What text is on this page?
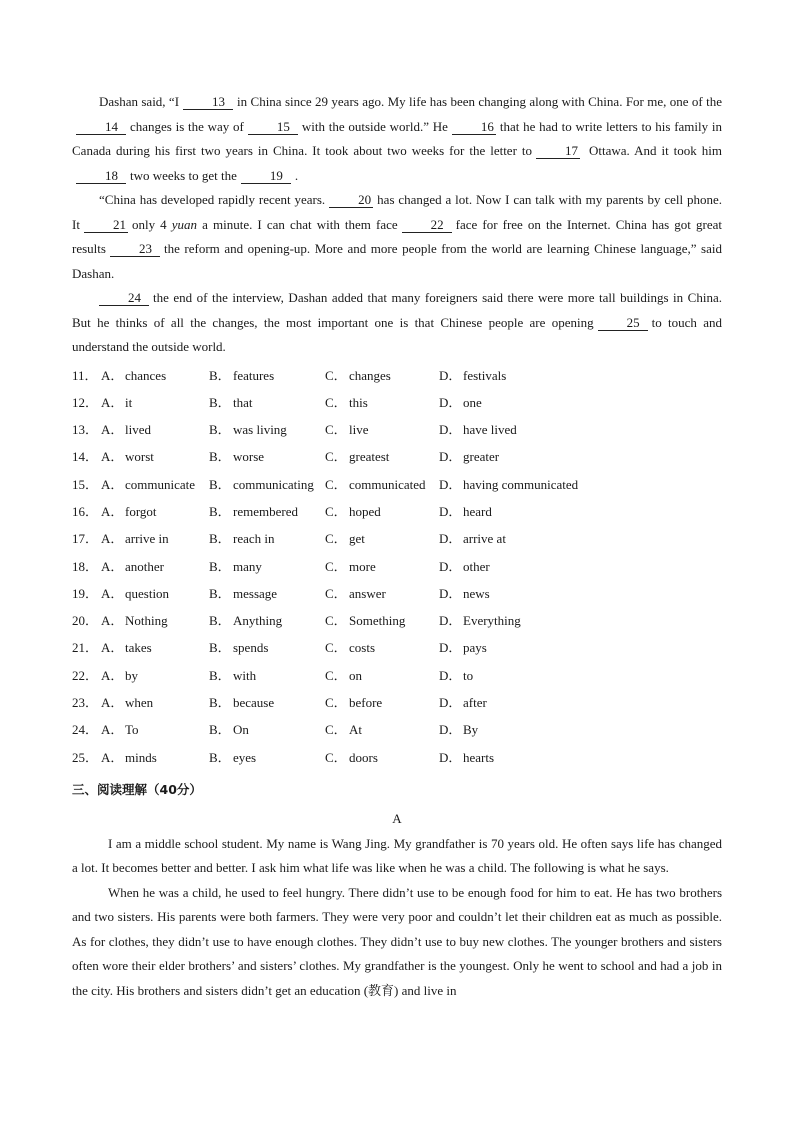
Dashan said, “I	13 in China since 29 years ago. My life has been changing along with China. For me, one of the14 changes is the way of	15 with the outside world.” He	16 that he had to write letters to his family in Canada during his first two years in China. It took about two weeks for the letter to	17 Ottawa. And it took him18 two weeks to get the	19 .

“China has developed rapidly recent years.	20 has changed a lot. Now I can talk with my parents by cell phone. It	21 only 4 yuan a minute. I can chat with them face	22 face for free on the Internet. China has got great results	23 the reform and opening-up. More and more people from the world are learning Chinese language,” said Dashan.

24 the end of the interview, Dashan added that many foreigners said there were more tall buildings in China. But he thinks of all the changes, the most important one is that Chinese people are opening	25 to touch and understand the outside world.

11． A． chances	B． features	C． changes	D． festivals
12． A． it	B． that	C． this	D． one
13． A． lived	B． was living	C． live	D． have lived
14． A． worst	B． worse	C． greatest	D． greater
15． A． communicate B． communicating C． communicated D． having communicated
16． A． forgot	B． remembered C． hoped	D． heard
17． A． arrive in	B． reach in	C． get	D． arrive at
18． A． another	B． many	C． more	D． other
19． A． question	B． message	C． answer	D． news
20． A． Nothing	B． Anything	C． Something	D． Everything
21． A． takes	B． spends	C． costs	D． pays
22． A． by	B． with	C． on	D． to
23． A． when	B． because	C． before	D． after
24． A． To	B． On	C． At	D． By
25． A． minds	B． eyes	C． doors	D． hearts
三、阅读理解（40分）
A

I am a middle school student. My name is Wang Jing. My grandfather is 70 years old. He often says life has changed a lot. It becomes better and better. I ask him what life was like when he was a child. The following is what he says.

When he was a child, he used to feel hungry. There didn’t use to be enough food for him to eat. He has two brothers and two sisters. His parents were both farmers. They were very poor and couldn’t let their children eat as much as possible. As for clothes, they didn’t use to have enough clothes. They didn’t use to buy new clothes. The younger brothers and sisters often wore their elder brothers’ and sisters’ clothes. My grandfather is the youngest. Only he went to school and had a job in the city. His brothers and sisters didn’t get an education (教育) and live in
